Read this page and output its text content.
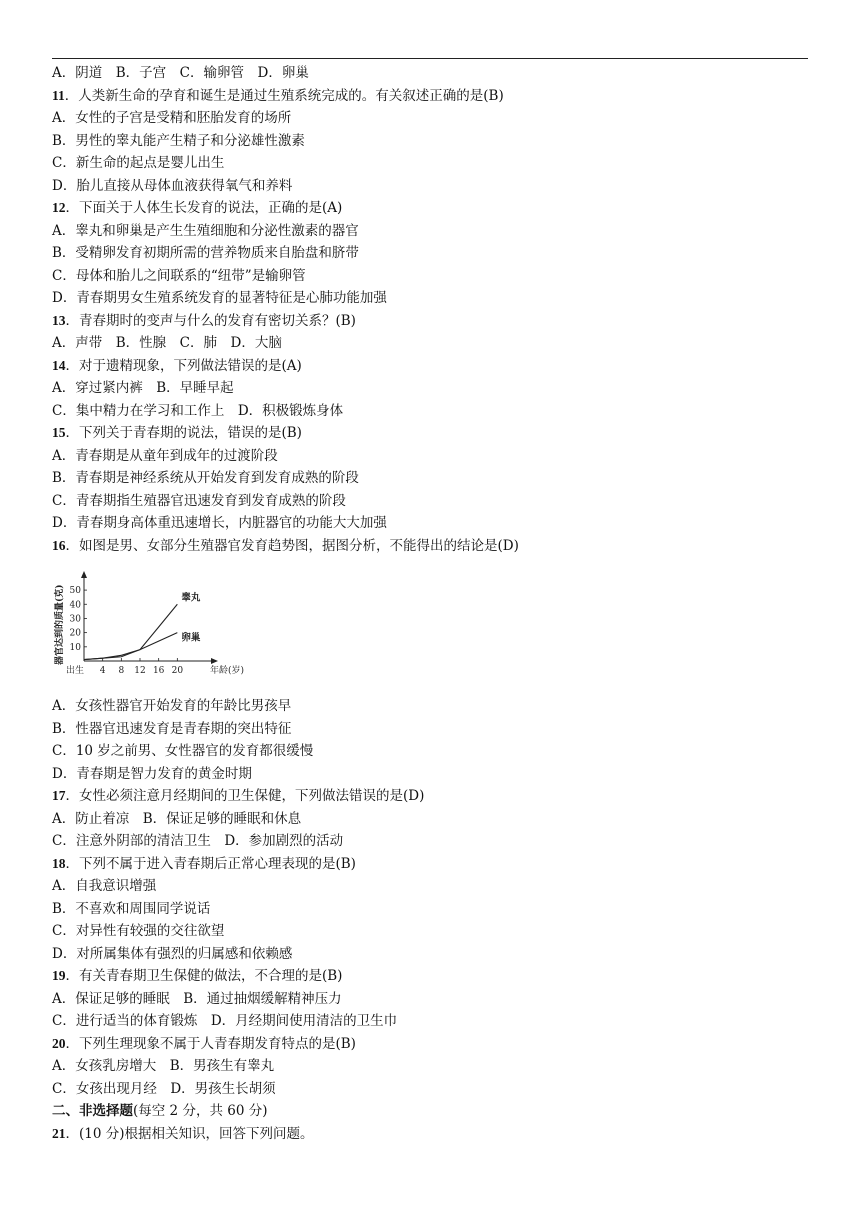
A．阴道　B．子宫　C．输卵管　D．卵巢
11．人类新生命的孕育和诞生是通过生殖系统完成的。有关叙述正确的是(B)
A．女性的子宫是受精和胚胎发育的场所
B．男性的睾丸能产生精子和分泌雄性激素
C．新生命的起点是婴儿出生
D．胎儿直接从母体血液获得氧气和养料
12．下面关于人体生长发育的说法，正确的是(A)
A．睾丸和卵巢是产生生殖细胞和分泌性激素的器官
B．受精卵发育初期所需的营养物质来自胎盘和脐带
C．母体和胎儿之间联系的“纽带”是输卵管
D．青春期男女生殖系统发育的显著特征是心肺功能加强
13．青春期时的变声与什么的发育有密切关系？(B)
A．声带　B．性腺　C．肺　D．大脑
14．对于遗精现象，下列做法错误的是(A)
A．穿过紧内裤　B．早睡早起
C．集中精力在学习和工作上　D．积极锻炼身体
15．下列关于青春期的说法，错误的是(B)
A．青春期是从童年到成年的过渡阶段
B．青春期是神经系统从开始发育到发育成熟的阶段
C．青春期指生殖器官迅速发育到发育成熟的阶段
D．青春期身高体重迅速增长，内脏器官的功能大大加强
16．如图是男、女部分生殖器官发育趋势图，据图分析，不能得出的结论是(D)
10
20
30
40
50
出生 4 8 12 16 20	年龄(岁)
器官达到的质量(克)	睾丸
卵巢
A．女孩性器官开始发育的年龄比男孩早
B．性器官迅速发育是青春期的突出特征
C．10 岁之前男、女性器官的发育都很缓慢
D．青春期是智力发育的黄金时期
17．女性必须注意月经期间的卫生保健，下列做法错误的是(D)
A．防止着凉　B．保证足够的睡眠和休息
C．注意外阴部的清洁卫生　D．参加剧烈的活动
18．下列不属于进入青春期后正常心理表现的是(B)
A．自我意识增强
B．不喜欢和周围同学说话
C．对异性有较强的交往欲望
D．对所属集体有强烈的归属感和依赖感
19．有关青春期卫生保健的做法，不合理的是(B)
A．保证足够的睡眠　B．通过抽烟缓解精神压力
C．进行适当的体育锻炼　D．月经期间使用清洁的卫生巾
20．下列生理现象不属于人青春期发育特点的是(B)
A．女孩乳房增大　B．男孩生有睾丸
C．女孩出现月经　D．男孩生长胡须
二、非选择题(每空 2 分，共 60 分)
21．(10 分)根据相关知识，回答下列问题。
